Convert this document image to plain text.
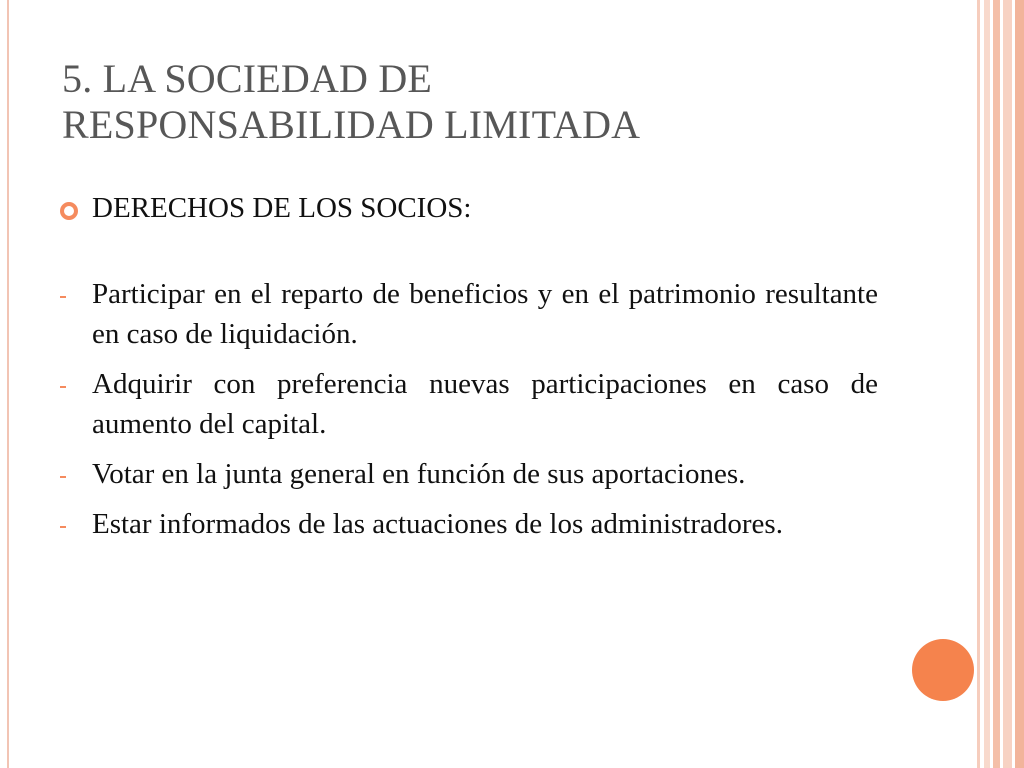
5. LA SOCIEDAD DE
RESPONSABILIDAD LIMITADA
DERECHOS DE LOS SOCIOS:
Participar en el reparto de beneficios y en el patrimonio resultante en caso de liquidación.
Adquirir con preferencia nuevas participaciones en caso de aumento del capital.
Votar en la junta general en función de sus aportaciones.
Estar informados de las actuaciones de los administradores.
